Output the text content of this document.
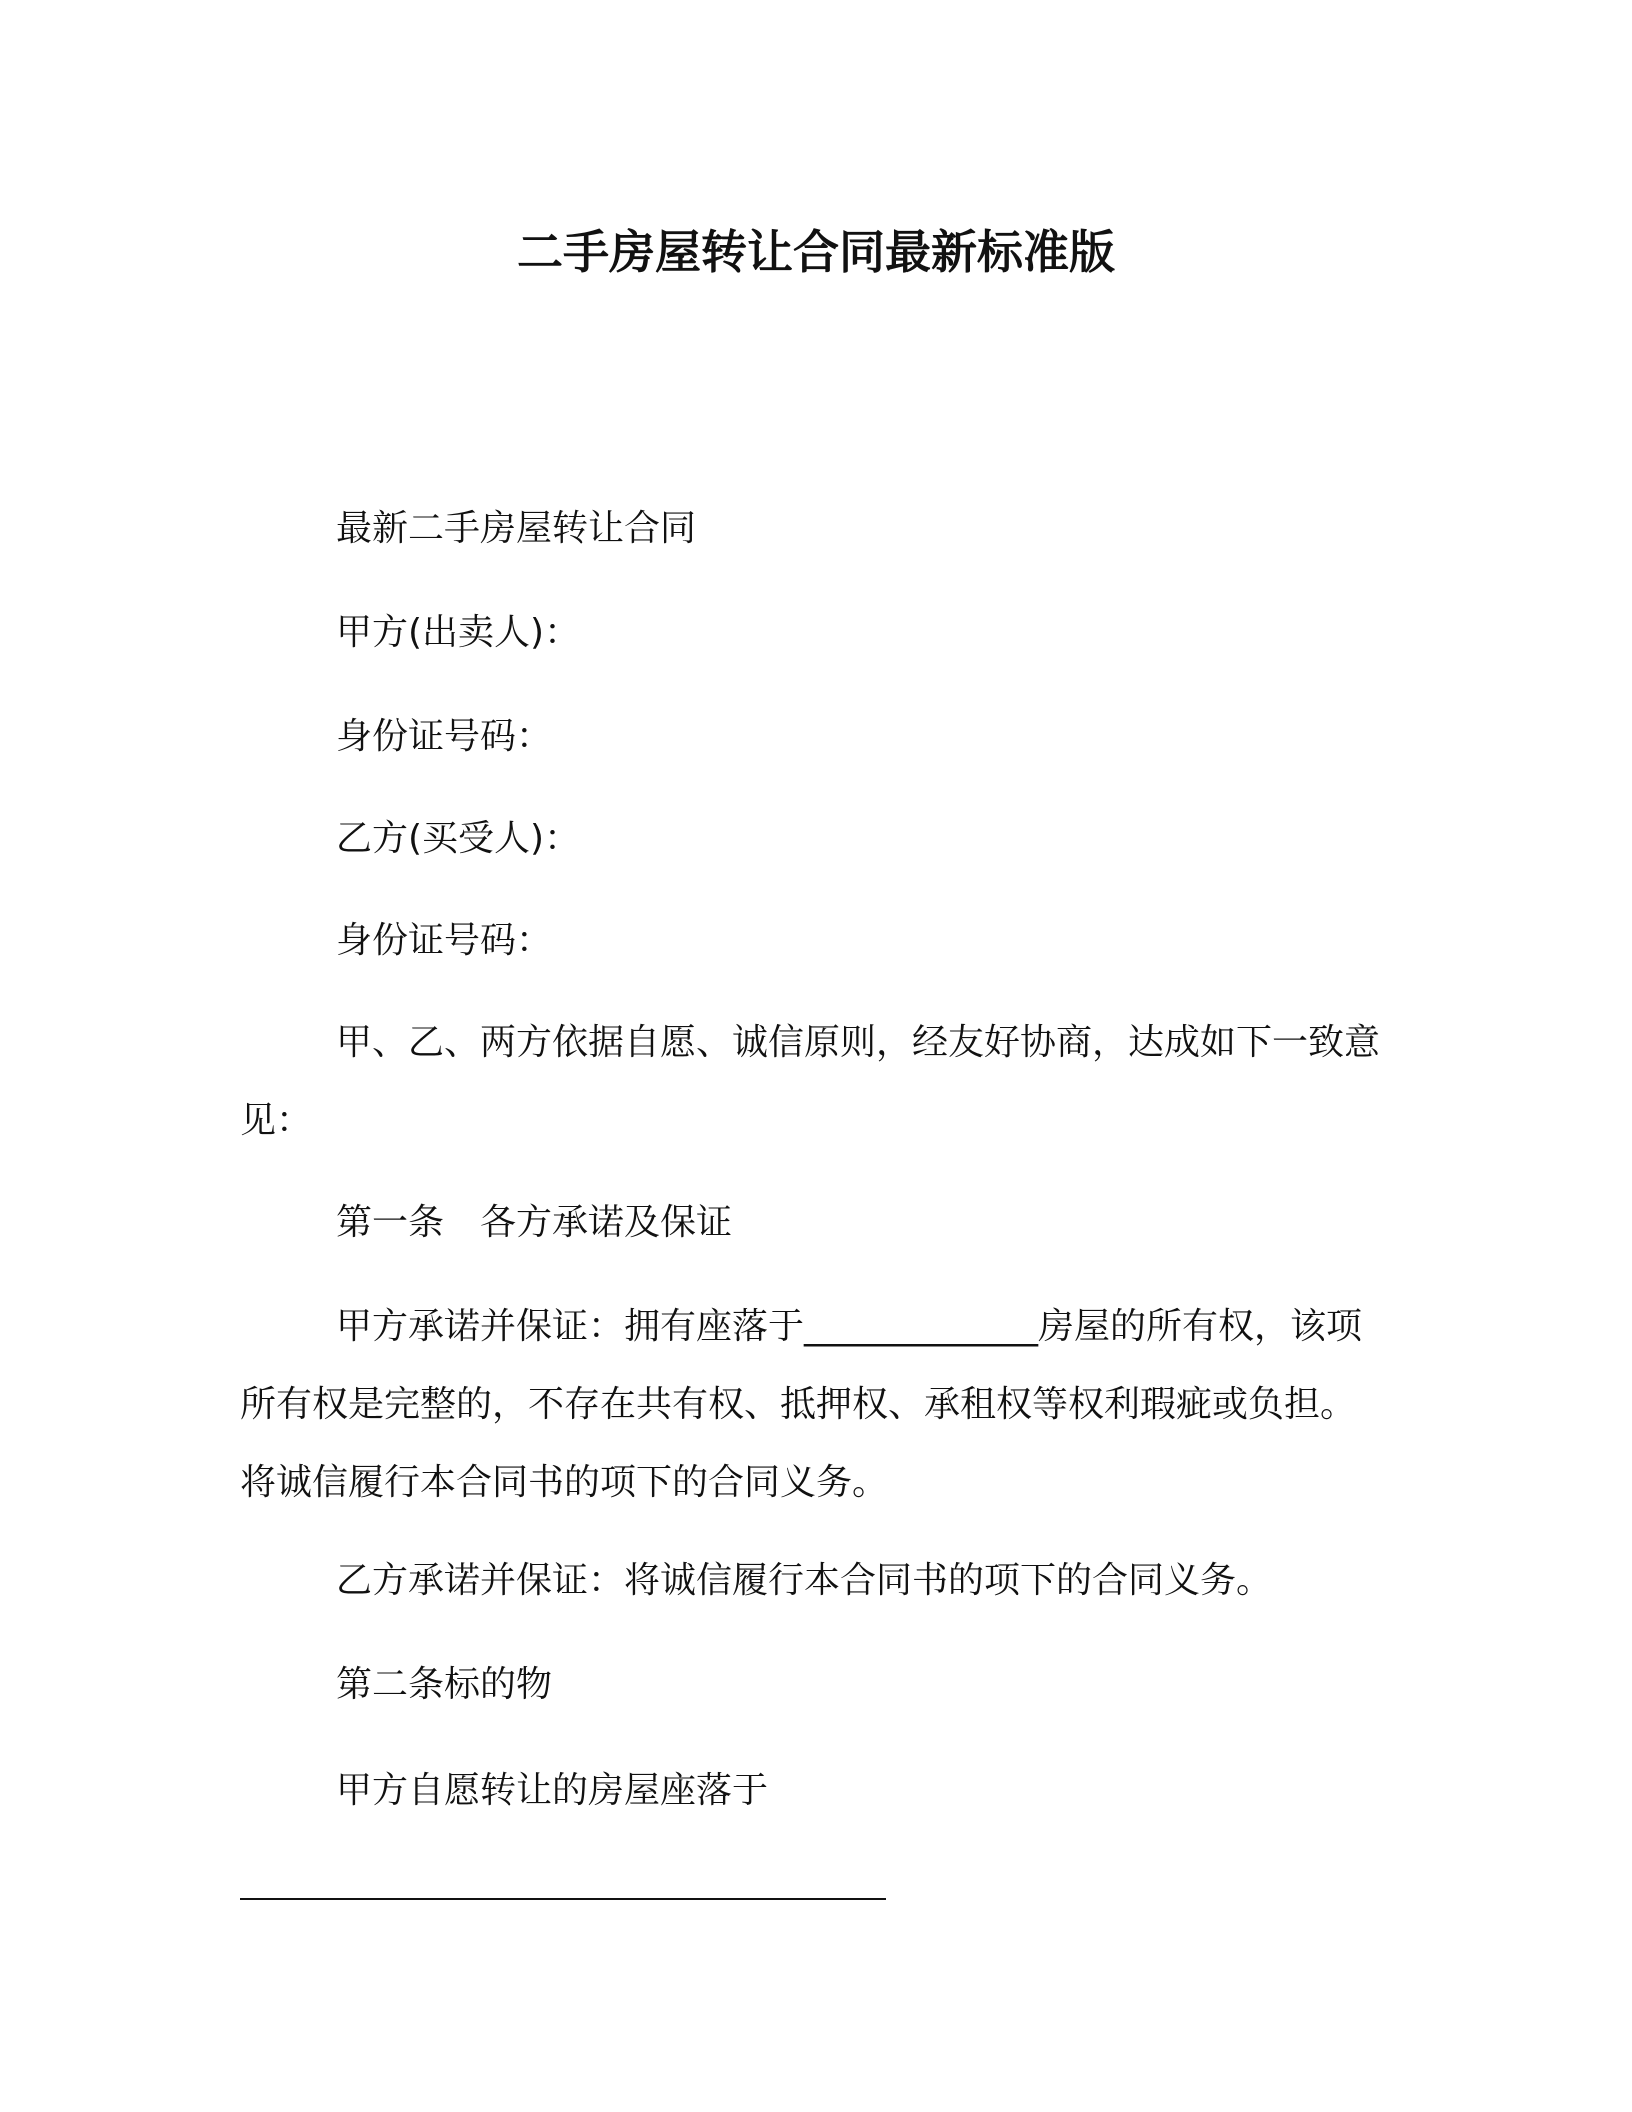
二手房屋转让合同最新标准版

最新二手房屋转让合同

甲方(出卖人)：

身份证号码：

乙方(买受人)：

身份证号码：

甲、乙、两方依据自愿、诚信原则，经友好协商，达成如下一致意见：

第一条　各方承诺及保证

甲方承诺并保证：拥有座落于_____________房屋的所有权，该项所有权是完整的，不存在共有权、抵押权、承租权等权利瑕疵或负担。将诚信履行本合同书的项下的合同义务。

乙方承诺并保证：将诚信履行本合同书的项下的合同义务。

第二条标的物

甲方自愿转让的房屋座落于
